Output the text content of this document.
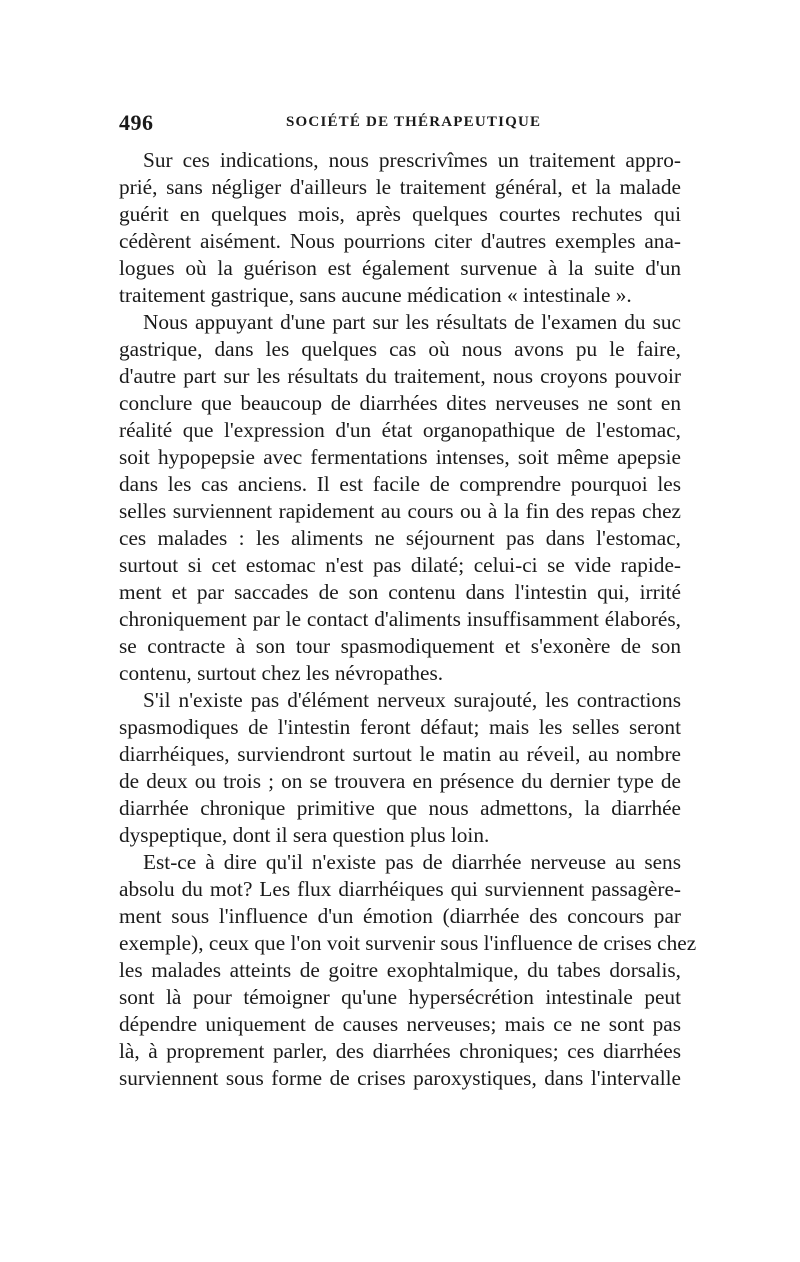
496	SOCIÉTÉ DE THÉRAPEUTIQUE
Sur ces indications, nous prescrivîmes un traitement appro-
prié, sans négliger d'ailleurs le traitement général, et la malade
guérit en quelques mois, après quelques courtes rechutes qui
cédèrent aisément. Nous pourrions citer d'autres exemples ana-
logues où la guérison est également survenue à la suite d'un
traitement gastrique, sans aucune médication « intestinale ».
Nous appuyant d'une part sur les résultats de l'examen du suc
gastrique, dans les quelques cas où nous avons pu le faire,
d'autre part sur les résultats du traitement, nous croyons pouvoir
conclure que beaucoup de diarrhées dites nerveuses ne sont en
réalité que l'expression d'un état organopathique de l'estomac,
soit hypopepsie avec fermentations intenses, soit même apepsie
dans les cas anciens. Il est facile de comprendre pourquoi les
selles surviennent rapidement au cours ou à la fin des repas chez
ces malades : les aliments ne séjournent pas dans l'estomac,
surtout si cet estomac n'est pas dilaté; celui-ci se vide rapide-
ment et par saccades de son contenu dans l'intestin qui, irrité
chroniquement par le contact d'aliments insuffisamment élaborés,
se contracte à son tour spasmodiquement et s'exonère de son
contenu, surtout chez les névropathes.
S'il n'existe pas d'élément nerveux surajouté, les contractions
spasmodiques de l'intestin feront défaut; mais les selles seront
diarrhéiques, surviendront surtout le matin au réveil, au nombre
de deux ou trois ; on se trouvera en présence du dernier type de
diarrhée chronique primitive que nous admettons, la diarrhée
dyspeptique, dont il sera question plus loin.
Est-ce à dire qu'il n'existe pas de diarrhée nerveuse au sens
absolu du mot? Les flux diarrhéiques qui surviennent passagère-
ment sous l'influence d'un émotion (diarrhée des concours par
exemple), ceux que l'on voit survenir sous l'influence de crises chez
les malades atteints de goitre exophtalmique, du tabes dorsalis,
sont là pour témoigner qu'une hypersécrétion intestinale peut
dépendre uniquement de causes nerveuses; mais ce ne sont pas
là, à proprement parler, des diarrhées chroniques; ces diarrhées
surviennent sous forme de crises paroxystiques, dans l'intervalle
